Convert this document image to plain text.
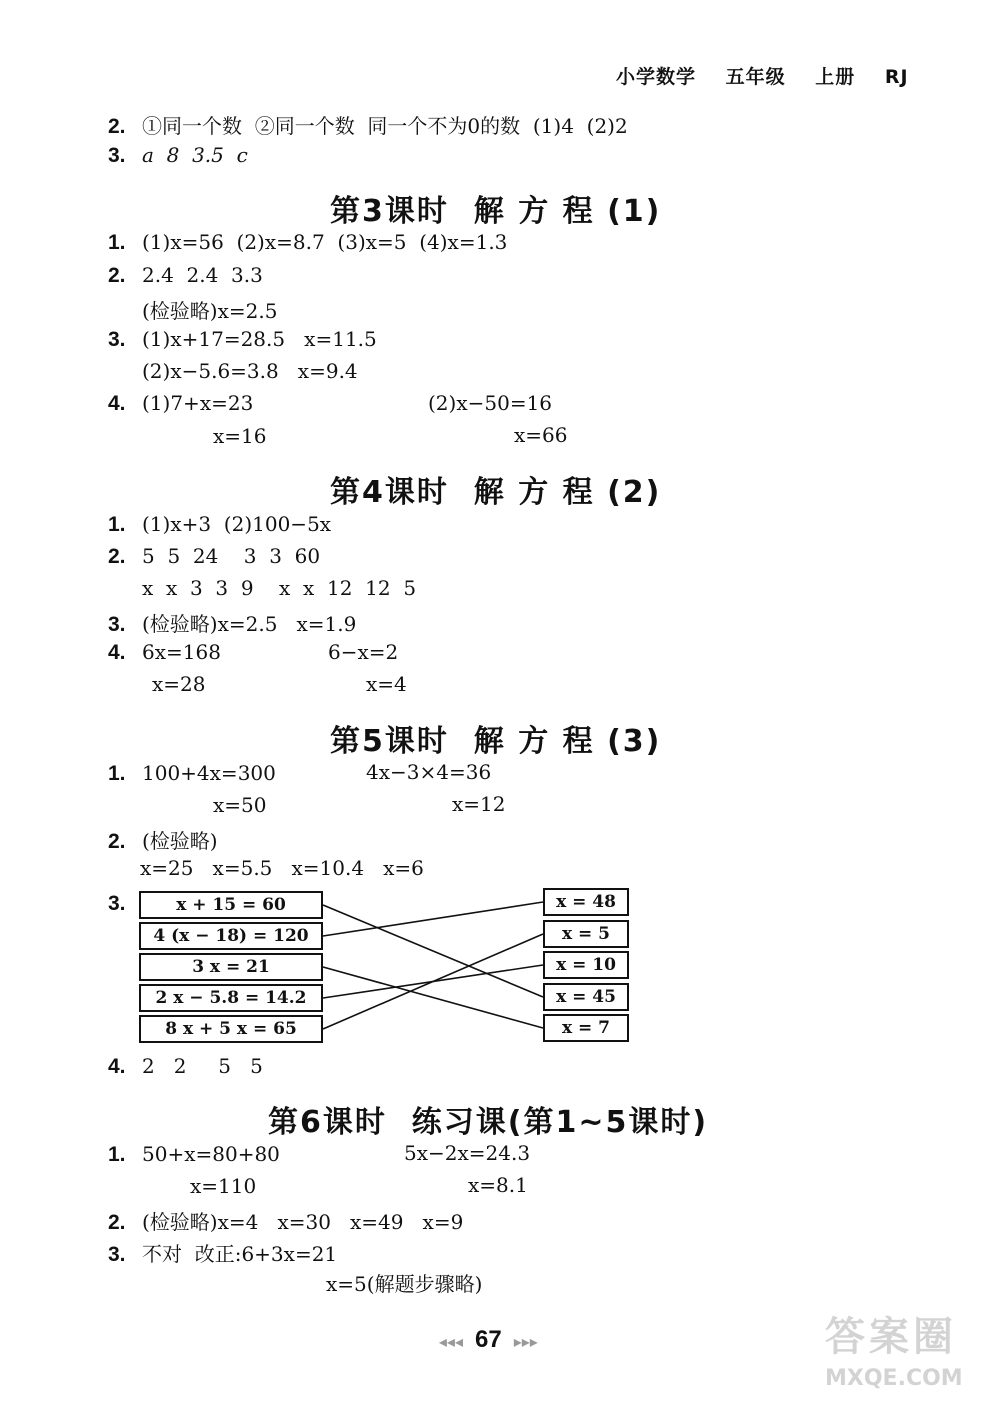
小学数学 五年级 上册 RJ
2. ①同一个数  ②同一个数  同一个不为0的数  (1)4  (2)2
3. a  8  3.5  c
第3课时  解 方 程 (1)
1. (1)x=56  (2)x=8.7  (3)x=5  (4)x=1.3
2. 2.4  2.4  3.3
(检验略)x=2.5
3. (1)x+17=28.5   x=11.5
(2)x−5.6=3.8   x=9.4
4. (1)7+x=23	(2)x−50=16
x=16	x=66
第4课时  解 方 程 (2)
1. (1)x+3  (2)100−5x
2. 5  5  24    3  3  60
x  x  3  3  9    x  x  12  12  5
3. (检验略)x=2.5   x=1.9
4. 6x=168	6−x=2
x=28	x=4
第5课时  解 方 程 (3)
1. 100+4x=300	4x−3×4=36
x=50	x=12
2. (检验略)
x=25   x=5.5   x=10.4   x=6
3.	x + 15 = 60
4 (x − 18) = 120
3 x = 21
2 x − 5.8 = 14.2
8 x + 5 x = 65
x = 48
x = 5
x = 10
x = 45
x = 7
4. 2   2     5   5
第6课时  练习课(第1~5课时)
1. 50+x=80+80	5x−2x=24.3
x=110	x=8.1
2. (检验略)x=4   x=30   x=49   x=9
3. 不对  改正:6+3x=21
x=5(解题步骤略)

◂◂◂ 67 ▸▸▸	答案圈
MXQE.COM
